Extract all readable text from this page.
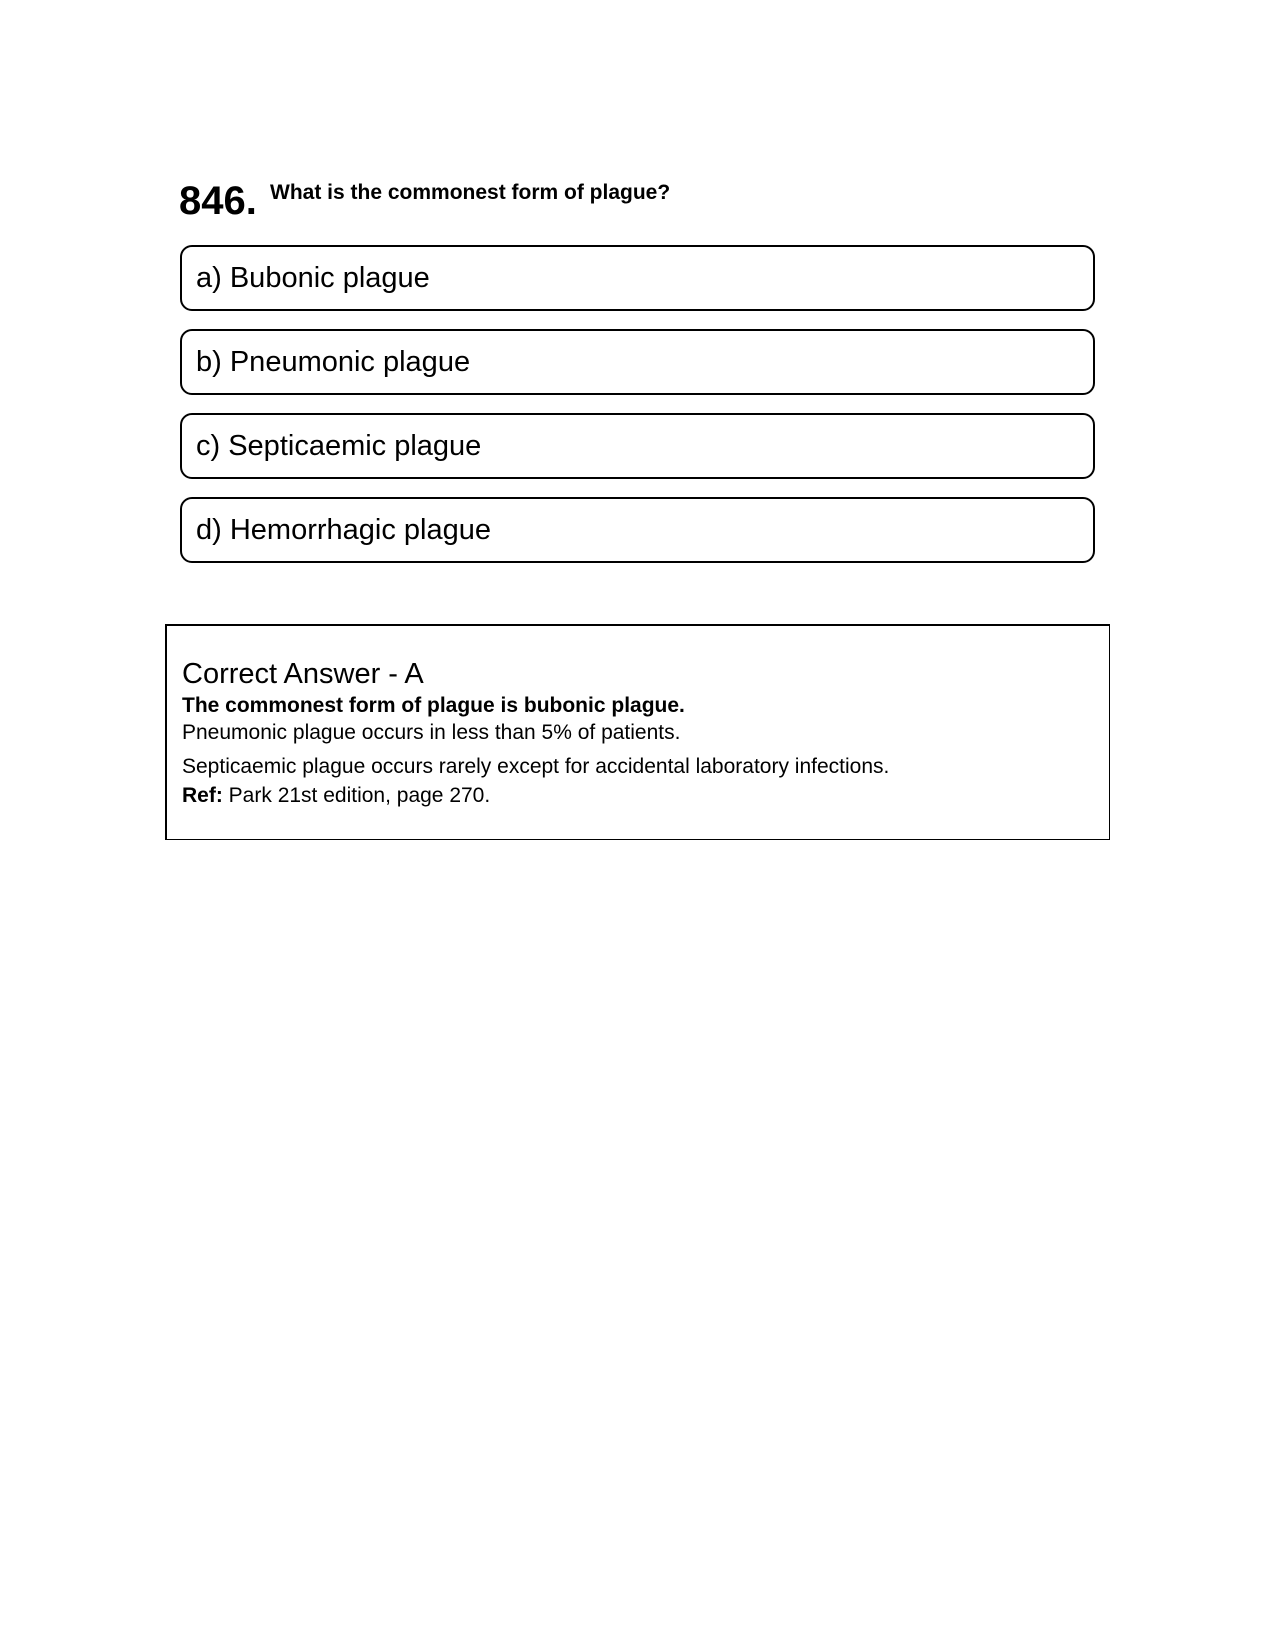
846. What is the commonest form of plague?
a) Bubonic plague
b) Pneumonic plague
c) Septicaemic plague
d) Hemorrhagic plague
Correct Answer - A
The commonest form of plague is bubonic plague.
Pneumonic plague occurs in less than 5% of patients.
Septicaemic plague occurs rarely except for accidental laboratory infections.
Ref: Park 21st edition, page 270.
